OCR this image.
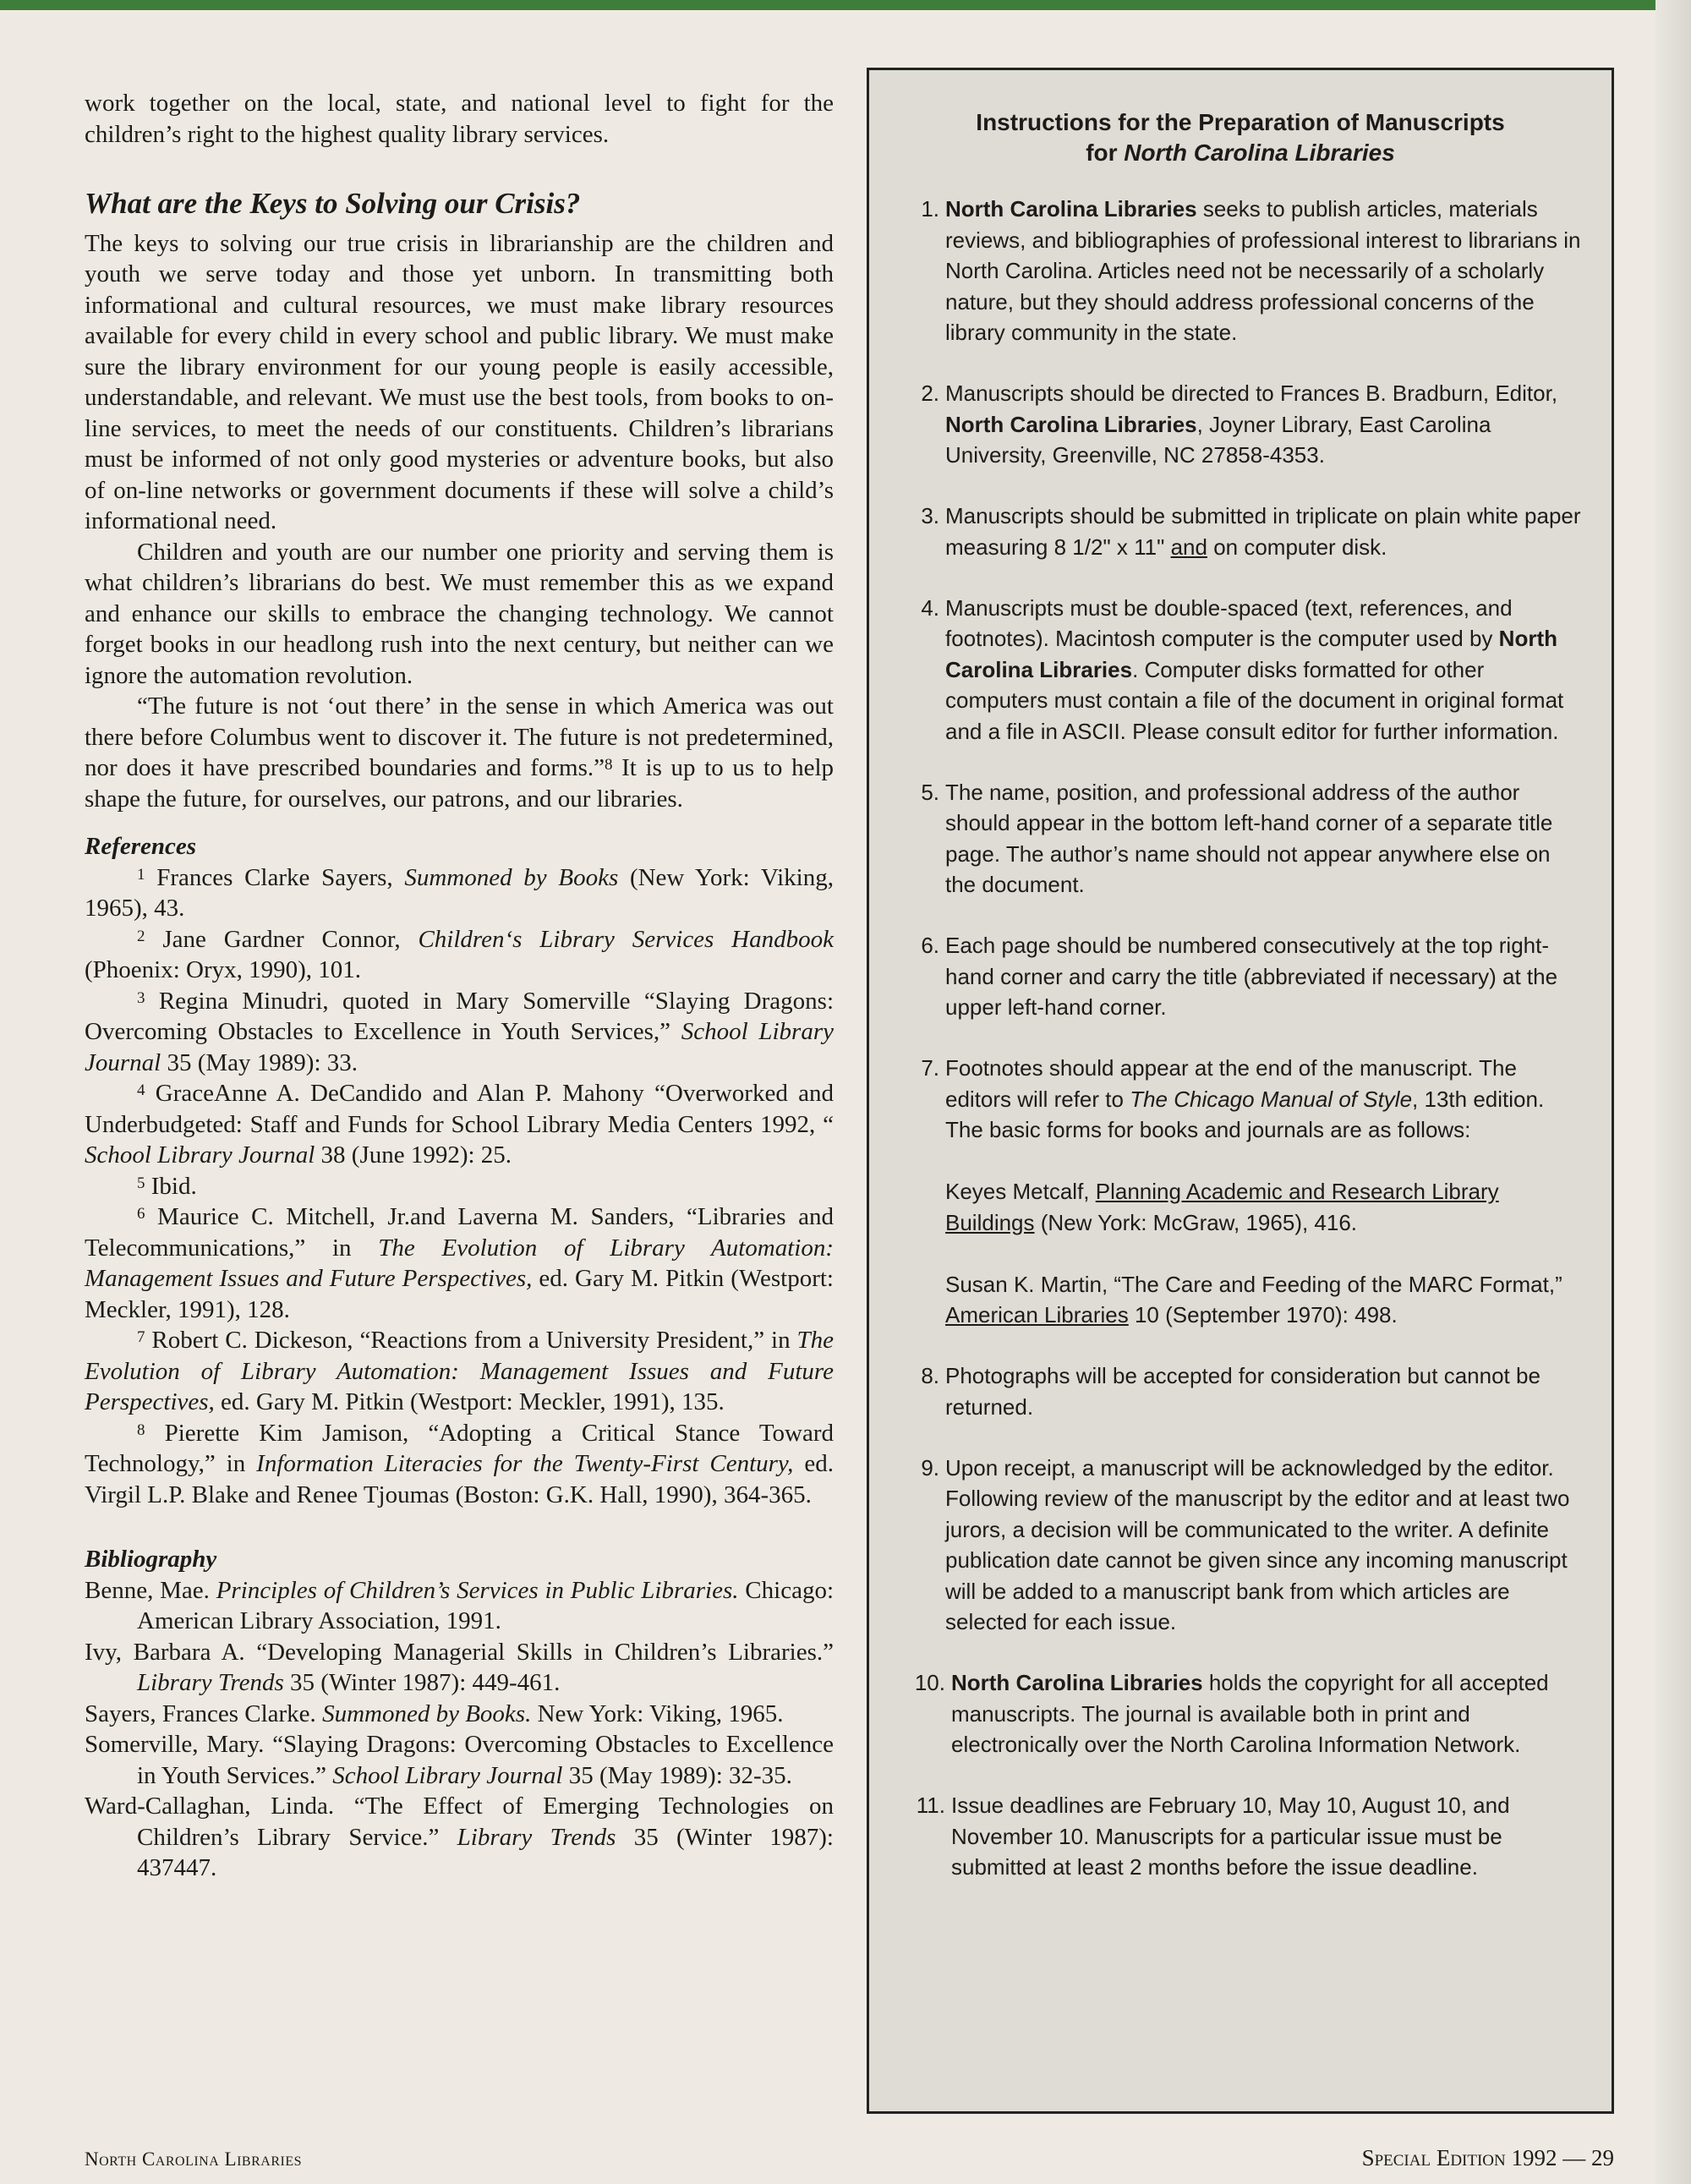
work together on the local, state, and national level to fight for the children’s right to the highest quality library services.

What are the Keys to Solving our Crisis?

The keys to solving our true crisis in librarianship are the children and youth we serve today and those yet unborn. In transmitting both informational and cultural resources, we must make library resources available for every child in every school and public library. We must make sure the library environment for our young people is easily accessible, understandable, and relevant. We must use the best tools, from books to on-line services, to meet the needs of our constituents. Children’s librarians must be informed of not only good mysteries or adventure books, but also of on-line networks or government documents if these will solve a child’s informational need.

Children and youth are our number one priority and serving them is what children’s librarians do best. We must remember this as we expand and enhance our skills to embrace the changing technology. We cannot forget books in our headlong rush into the next century, but neither can we ignore the automation revolution.

“The future is not ‘out there’ in the sense in which America was out there before Columbus went to discover it. The future is not predetermined, nor does it have prescribed boundaries and forms.”$^8$ It is up to us to help shape the future, for ourselves, our patrons, and our libraries.

References

$^1$ Frances Clarke Sayers, Summoned by Books (New York: Viking, 1965), 43.

$^2$ Jane Gardner Connor, Children‘s Library Services Handbook (Phoenix: Oryx, 1990), 101.

$^3$ Regina Minudri, quoted in Mary Somerville “Slaying Dragons: Overcoming Obstacles to Excellence in Youth Services,” School Library Journal 35 (May 1989): 33.

$^4$ GraceAnne A. DeCandido and Alan P. Mahony “Overworked and Underbudgeted: Staff and Funds for School Library Media Centers 1992, “ School Library Journal 38 (June 1992): 25.

$^5$ Ibid.

$^6$ Maurice C. Mitchell, Jr.and Laverna M. Sanders, “Libraries and Telecommunications,” in The Evolution of Library Automation: Management Issues and Future Perspectives, ed. Gary M. Pitkin (Westport: Meckler, 1991), 128.

$^7$ Robert C. Dickeson, “Reactions from a University President,” in The Evolution of Library Automation: Management Issues and Future Perspectives, ed. Gary M. Pitkin (Westport: Meckler, 1991), 135.

$^8$ Pierette Kim Jamison, “Adopting a Critical Stance Toward Technology,” in Information Literacies for the Twenty-First Century, ed. Virgil L.P. Blake and Renee Tjoumas (Boston: G.K. Hall, 1990), 364-365.

Bibliography

Benne, Mae. Principles of Children’s Services in Public Libraries. Chicago: American Library Association, 1991.

Ivy, Barbara A. “Developing Managerial Skills in Children’s Libraries.” Library Trends 35 (Winter 1987): 449-461.

Sayers, Frances Clarke. Summoned by Books. New York: Viking, 1965.

Somerville, Mary. “Slaying Dragons: Overcoming Obstacles to Excellence in Youth Services.” School Library Journal 35 (May 1989): 32-35.

Ward-Callaghan, Linda. “The Effect of Emerging Technologies on Children’s Library Service.” Library Trends 35 (Winter 1987): 437447.

Instructions for the Preparation of Manuscripts
for North Carolina Libraries
1. North Carolina Libraries seeks to publish articles, materials reviews, and bibliographies of professional interest to librarians in North Carolina. Articles need not be necessarily of a scholarly nature, but they should address professional concerns of the library community in the state.
2. Manuscripts should be directed to Frances B. Bradburn, Editor, North Carolina Libraries, Joyner Library, East Carolina University, Greenville, NC 27858-4353.
3. Manuscripts should be submitted in triplicate on plain white paper measuring 8 1/2" x 11" and on computer disk.
4. Manuscripts must be double-spaced (text, references, and footnotes). Macintosh computer is the computer used by North Carolina Libraries. Computer disks formatted for other computers must contain a file of the document in original format and a file in ASCII. Please consult editor for further information.
5. The name, position, and professional address of the author should appear in the bottom left-hand corner of a separate title page. The author’s name should not appear anywhere else on the document.
6. Each page should be numbered consecutively at the top right-hand corner and carry the title (abbreviated if necessary) at the upper left-hand corner.
7. Footnotes should appear at the end of the manuscript. The editors will refer to The Chicago Manual of Style, 13th edition. The basic forms for books and journals are as follows:
Keyes Metcalf, Planning Academic and Research Library Buildings (New York: McGraw, 1965), 416.
Susan K. Martin, “The Care and Feeding of the MARC Format,” American Libraries 10 (September 1970): 498.
8. Photographs will be accepted for consideration but cannot be returned.
9. Upon receipt, a manuscript will be acknowledged by the editor. Following review of the manuscript by the editor and at least two jurors, a decision will be communicated to the writer. A definite publication date cannot be given since any incoming manuscript will be added to a manuscript bank from which articles are selected for each issue.
10. North Carolina Libraries holds the copyright for all accepted manuscripts. The journal is available both in print and electronically over the North Carolina Information Network.
11. Issue deadlines are February 10, May 10, August 10, and November 10. Manuscripts for a particular issue must be submitted at least 2 months before the issue deadline.
North Carolina Libraries	Special Edition 1992 — 29
